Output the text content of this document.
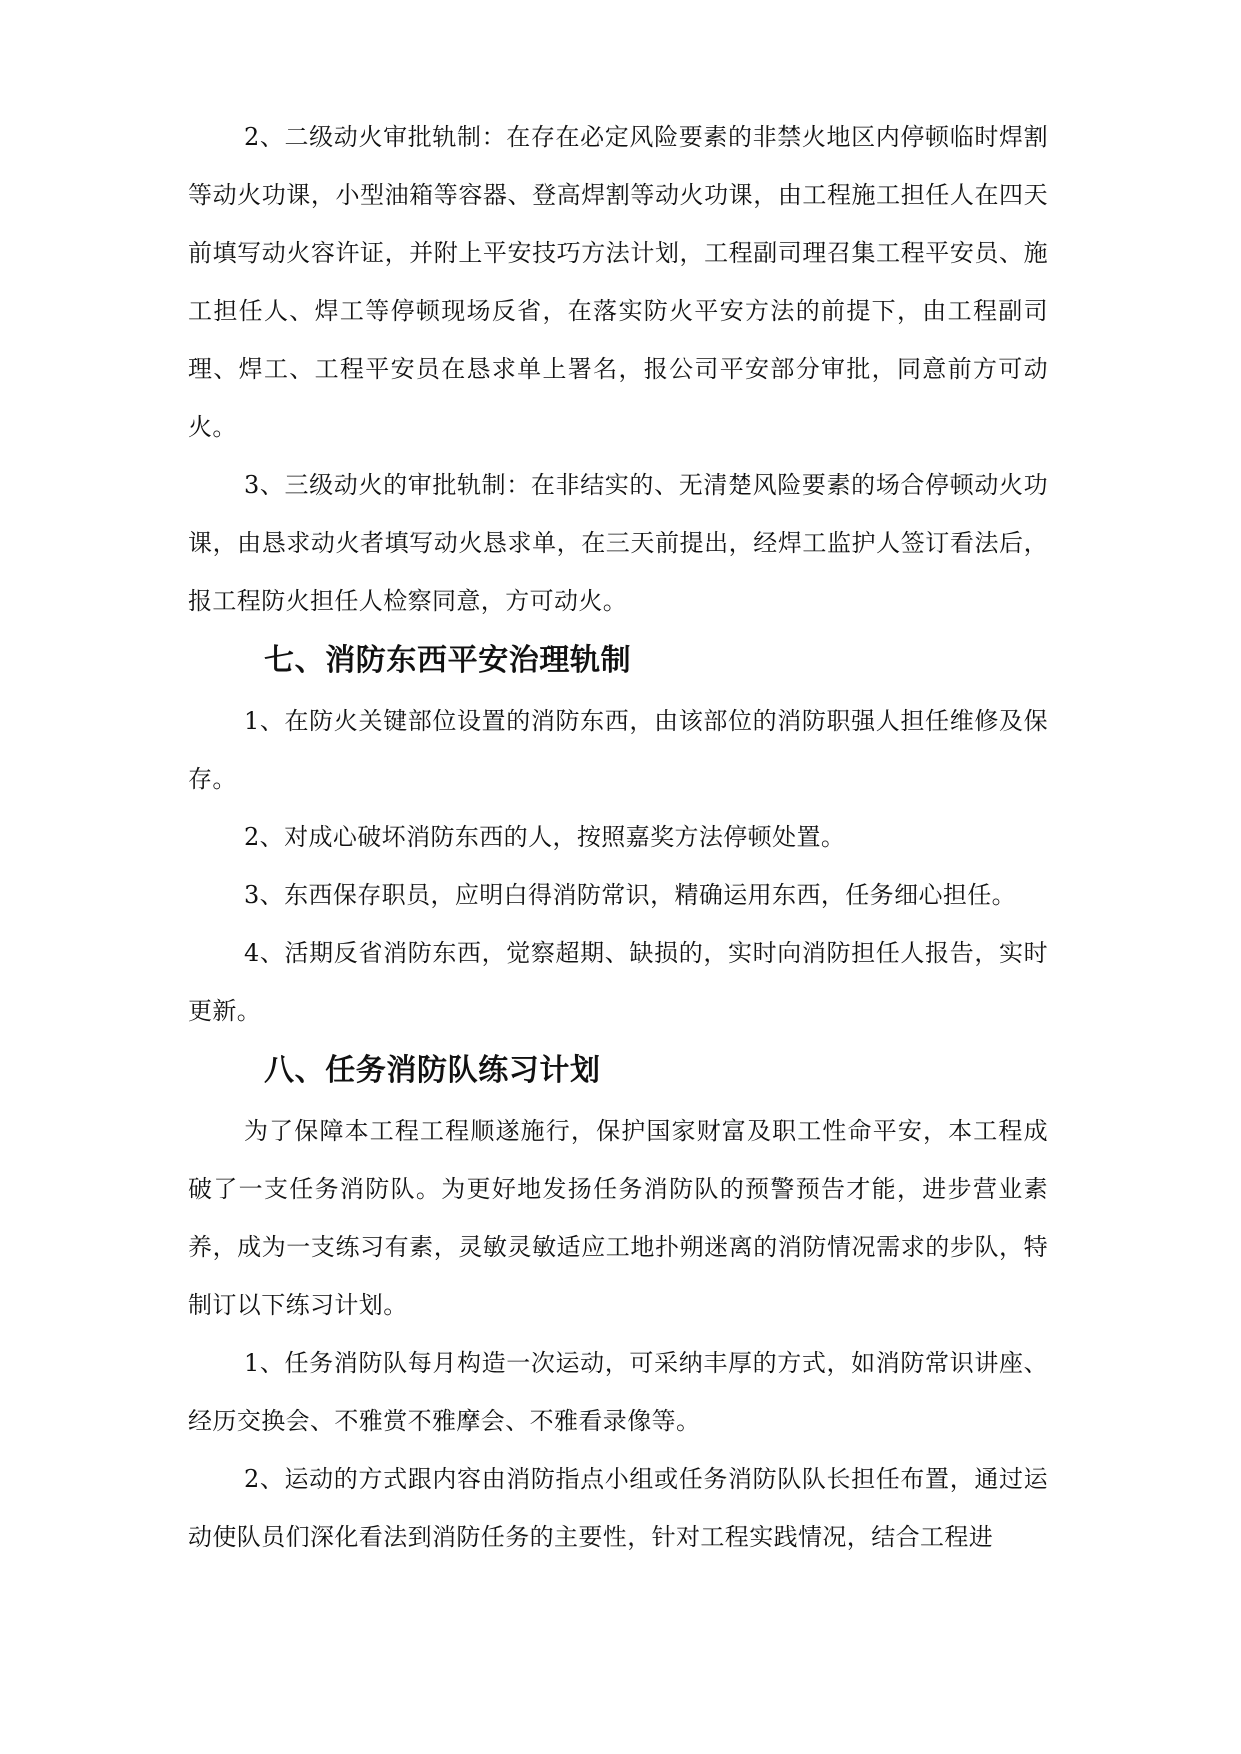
2、二级动火审批轨制：在存在必定风险要素的非禁火地区内停顿临时焊割等动火功课，小型油箱等容器、登高焊割等动火功课，由工程施工担任人在四天前填写动火容许证，并附上平安技巧方法计划，工程副司理召集工程平安员、施工担任人、焊工等停顿现场反省，在落实防火平安方法的前提下，由工程副司理、焊工、工程平安员在恳求单上署名，报公司平安部分审批，同意前方可动火。

3、三级动火的审批轨制：在非结实的、无清楚风险要素的场合停顿动火功课，由恳求动火者填写动火恳求单，在三天前提出，经焊工监护人签订看法后，报工程防火担任人检察同意，方可动火。

七、消防东西平安治理轨制

1、在防火关键部位设置的消防东西，由该部位的消防职强人担任维修及保存。

2、对成心破坏消防东西的人，按照嘉奖方法停顿处置。

3、东西保存职员，应明白得消防常识，精确运用东西，任务细心担任。

4、活期反省消防东西，觉察超期、缺损的，实时向消防担任人报告，实时更新。

八、任务消防队练习计划

为了保障本工程工程顺遂施行，保护国家财富及职工性命平安，本工程成破了一支任务消防队。为更好地发扬任务消防队的预警预告才能，进步营业素养，成为一支练习有素，灵敏灵敏适应工地扑朔迷离的消防情况需求的步队，特制订以下练习计划。

1、任务消防队每月构造一次运动，可采纳丰厚的方式，如消防常识讲座、经历交换会、不雅赏不雅摩会、不雅看录像等。

2、运动的方式跟内容由消防指点小组或任务消防队队长担任布置，通过运动使队员们深化看法到消防任务的主要性，针对工程实践情况，结合工程进
